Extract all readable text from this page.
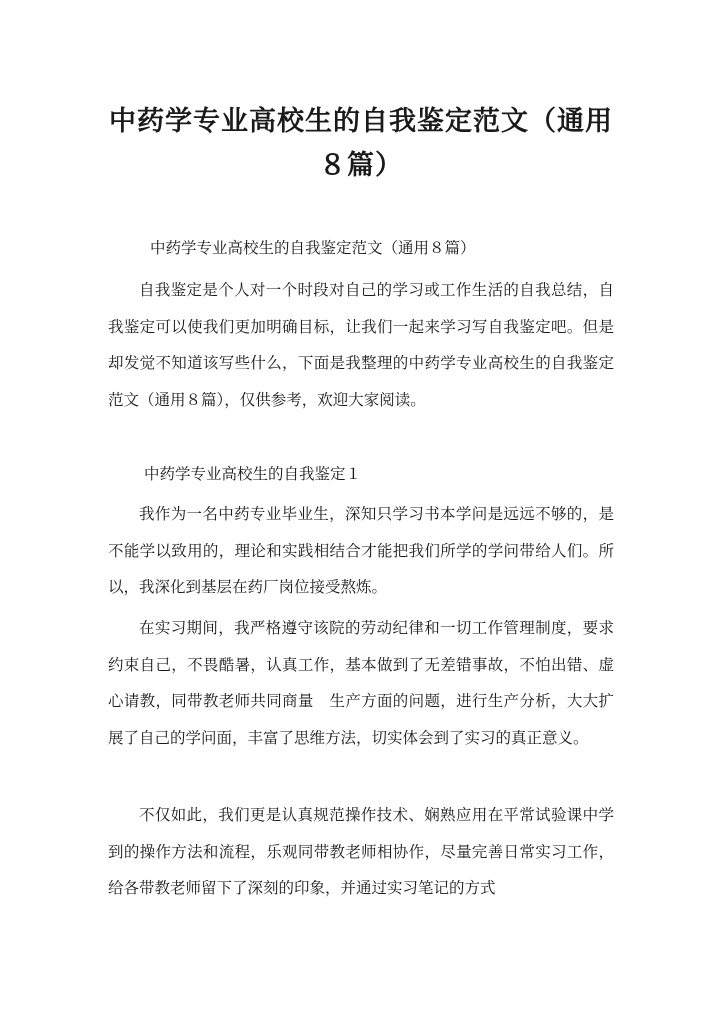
中药学专业高校生的自我鉴定范文（通用８篇）

中药学专业高校生的自我鉴定范文（通用８篇）

自我鉴定是个人对一个时段对自己的学习或工作生活的自我总结，自我鉴定可以使我们更加明确目标，让我们一起来学习写自我鉴定吧。但是却发觉不知道该写些什么，下面是我整理的中药学专业高校生的自我鉴定范文（通用８篇），仅供参考，欢迎大家阅读。

中药学专业高校生的自我鉴定１

我作为一名中药专业毕业生，深知只学习书本学问是远远不够的，是不能学以致用的，理论和实践相结合才能把我们所学的学问带给人们。所以，我深化到基层在药厂岗位接受熬炼。

在实习期间，我严格遵守该院的劳动纪律和一切工作管理制度，要求约束自己，不畏酷暑，认真工作，基本做到了无差错事故，不怕出错、虚心请教，同带教老师共同商量　生产方面的问题，进行生产分析，大大扩展了自己的学问面，丰富了思维方法，切实体会到了实习的真正意义。

不仅如此，我们更是认真规范操作技术、娴熟应用在平常试验课中学到的操作方法和流程，乐观同带教老师相协作，尽量完善日常实习工作，给各带教老师留下了深刻的印象，并通过实习笔记的方式
